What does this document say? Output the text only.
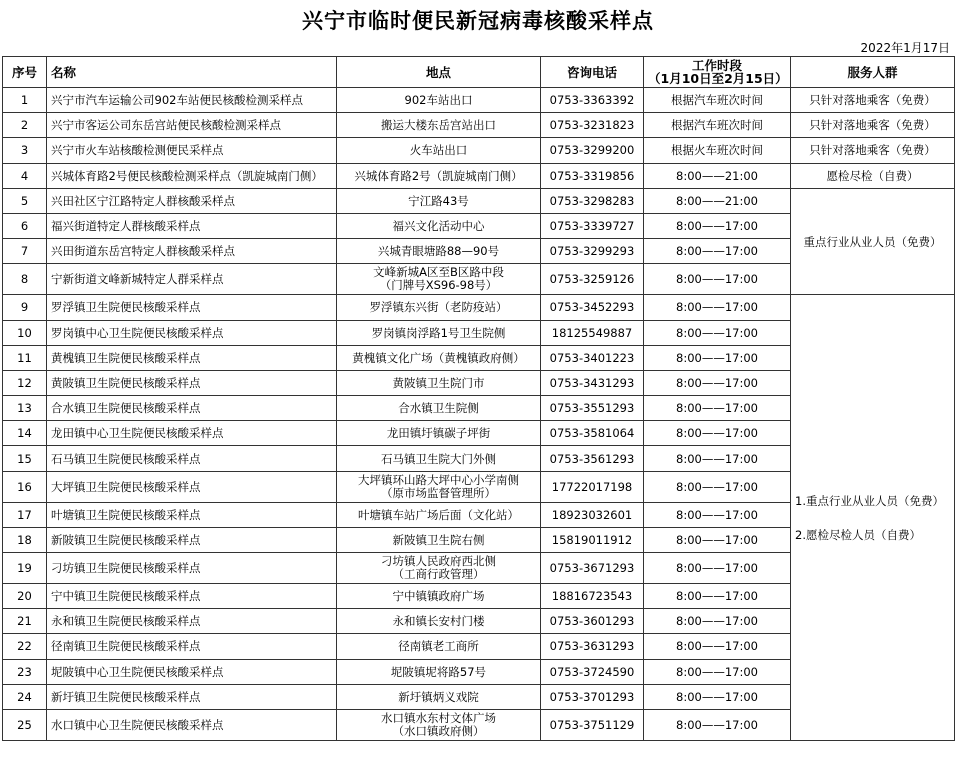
兴宁市临时便民新冠病毒核酸采样点
2022年1月17日
序号	名称	地点	咨询电话	工作时段
（1月10日至2月15日）	服务人群
1	兴宁市汽车运输公司902车站便民核酸检测采样点	902车站出口	0753-3363392	根据汽车班次时间	只针对落地乘客（免费）
2	兴宁市客运公司东岳宫站便民核酸检测采样点	搬运大楼东岳宫站出口	0753-3231823	根据汽车班次时间	只针对落地乘客（免费）
3	兴宁市火车站核酸检测便民采样点	火车站出口	0753-3299200	根据火车班次时间	只针对落地乘客（免费）
4	兴城体育路2号便民核酸检测采样点（凯旋城南门侧）	兴城体育路2号（凯旋城南门侧）	0753-3319856	8:00——21:00	愿检尽检（自费）
5	兴田社区宁江路特定人群核酸采样点	宁江路43号	0753-3298283	8:00——21:00	重点行业从业人员（免费）
6	福兴街道特定人群核酸采样点	福兴文化活动中心	0753-3339727	8:00——17:00	
7	兴田街道东岳宫特定人群核酸采样点	兴城青眼塘路88—90号	0753-3299293	8:00——17:00	
8	宁新街道文峰新城特定人群采样点	文峰新城A区至B区路中段
（门牌号XS96-98号）	0753-3259126	8:00——17:00	
9	罗浮镇卫生院便民核酸采样点	罗浮镇东兴街（老防疫站）	0753-3452293	8:00——17:00	1.重点行业从业人员（免费）
2.愿检尽检人员（自费）

10	罗岗镇中心卫生院便民核酸采样点	罗岗镇岗浮路1号卫生院侧	18125549887	8:00——17:00	
11	黄槐镇卫生院便民核酸采样点	黄槐镇文化广场（黄槐镇政府侧）	0753-3401223	8:00——17:00	
12	黄陂镇卫生院便民核酸采样点	黄陂镇卫生院门市	0753-3431293	8:00——17:00	
13	合水镇卫生院便民核酸采样点	合水镇卫生院侧	0753-3551293	8:00——17:00	
14	龙田镇中心卫生院便民核酸采样点	龙田镇圩镇碳子坪街	0753-3581064	8:00——17:00	
15	石马镇卫生院便民核酸采样点	石马镇卫生院大门外侧	0753-3561293	8:00——17:00	
16	大坪镇卫生院便民核酸采样点	大坪镇环山路大坪中心小学南侧
（原市场监督管理所）	17722017198	8:00——17:00	
17	叶塘镇卫生院便民核酸采样点	叶塘镇车站广场后面（文化站）	18923032601	8:00——17:00	
18	新陂镇卫生院便民核酸采样点	新陂镇卫生院右侧	15819011912	8:00——17:00	
19	刁坊镇卫生院便民核酸采样点	刁坊镇人民政府西北侧
（工商行政管理）	0753-3671293	8:00——17:00	
20	宁中镇卫生院便民核酸采样点	宁中镇镇政府广场	18816723543	8:00——17:00	
21	永和镇卫生院便民核酸采样点	永和镇长安村门楼	0753-3601293	8:00——17:00	
22	径南镇卫生院便民核酸采样点	径南镇老工商所	0753-3631293	8:00——17:00	
23	坭陂镇中心卫生院便民核酸采样点	坭陂镇坭将路57号	0753-3724590	8:00——17:00	
24	新圩镇卫生院便民核酸采样点	新圩镇炳义戏院	0753-3701293	8:00——17:00	
25	水口镇中心卫生院便民核酸采样点	水口镇水东村文体广场
（水口镇政府侧）	0753-3751129	8:00——17:00	
